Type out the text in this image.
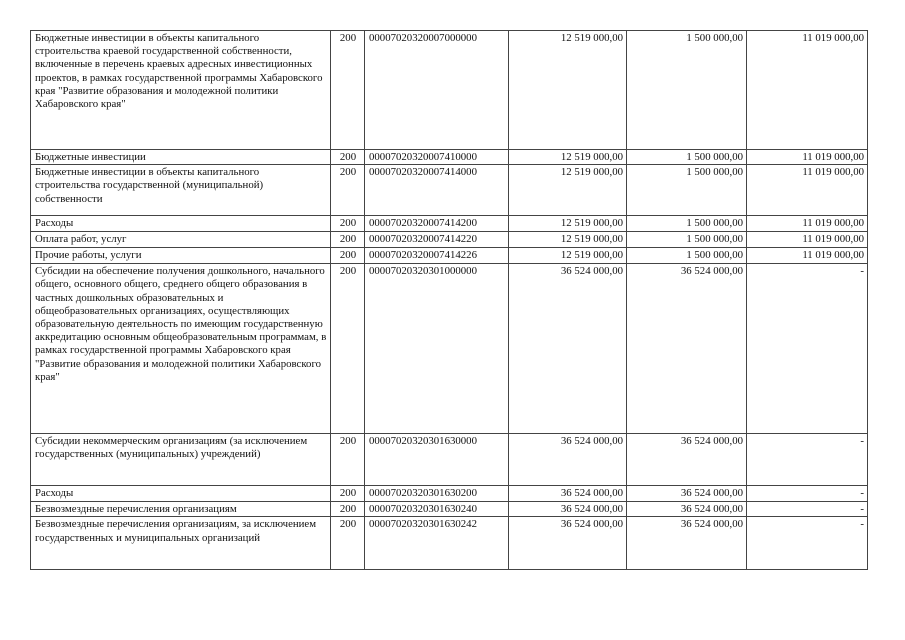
Бюджетные инвестиции в объекты капитального строительства краевой государственной собственности, включенные в перечень краевых адресных инвестиционных проектов, в рамках государственной программы Хабаровского края "Развитие образования и молодежной политики Хабаровского края"	200	00007020320007000000	12 519 000,00	1 500 000,00	11 019 000,00
Бюджетные инвестиции	200	00007020320007410000	12 519 000,00	1 500 000,00	11 019 000,00
Бюджетные инвестиции в объекты капитального строительства государственной (муниципальной) собственности	200	00007020320007414000	12 519 000,00	1 500 000,00	11 019 000,00
Расходы	200	00007020320007414200	12 519 000,00	1 500 000,00	11 019 000,00
Оплата работ, услуг	200	00007020320007414220	12 519 000,00	1 500 000,00	11 019 000,00
Прочие работы, услуги	200	00007020320007414226	12 519 000,00	1 500 000,00	11 019 000,00
Субсидии на обеспечение получения дошкольного, начального общего, основного общего, среднего общего образования в частных дошкольных образовательных и общеобразовательных организациях, осуществляющих образовательную деятельность по имеющим государственную аккредитацию основным общеобразовательным программам, в рамках государственной программы Хабаровского края "Развитие образования и молодежной политики Хабаровского края"	200	00007020320301000000	36 524 000,00	36 524 000,00	-
Субсидии некоммерческим организациям (за исключением государственных (муниципальных) учреждений)	200	00007020320301630000	36 524 000,00	36 524 000,00	-
Расходы	200	00007020320301630200	36 524 000,00	36 524 000,00	-
Безвозмездные перечисления организациям	200	00007020320301630240	36 524 000,00	36 524 000,00	-
Безвозмездные перечисления организациям, за исключением государственных и муниципальных организаций	200	00007020320301630242	36 524 000,00	36 524 000,00	-
